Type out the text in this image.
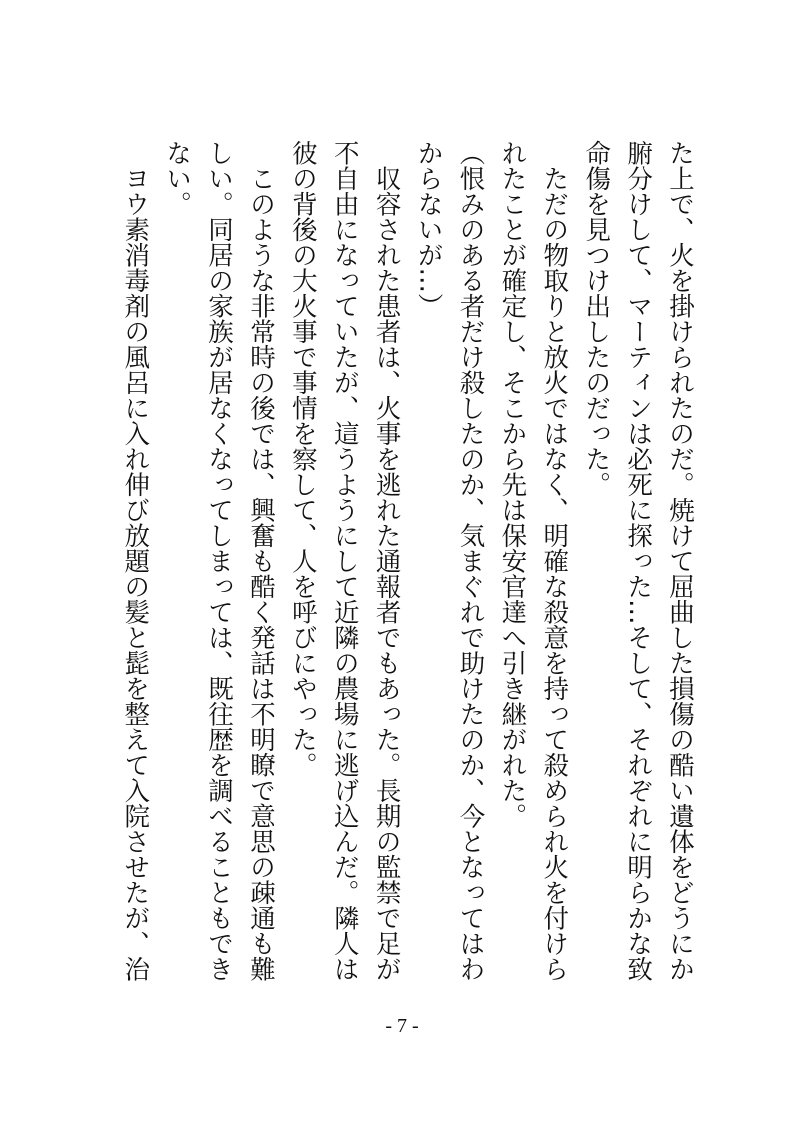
た上で、火を掛けられたのだ。焼けて屈曲した損傷の酷い遺体をどうにか
腑分けして、マーティンは必死に探った…そして、それぞれに明らかな致
命傷を見つけ出したのだった。
　ただの物取りと放火ではなく、明確な殺意を持って殺められ火を付けら
れたことが確定し、そこから先は保安官達へ引き継がれた。
（恨みのある者だけ殺したのか、気まぐれで助けたのか、今となってはわ
からないが…）
　収容された患者は、火事を逃れた通報者でもあった。長期の監禁で足が
不自由になっていたが、這うようにして近隣の農場に逃げ込んだ。隣人は
彼の背後の大火事で事情を察して、人を呼びにやった。
　このような非常時の後では、興奮も酷く発話は不明瞭で意思の疎通も難
しい。同居の家族が居なくなってしまっては、既往歴を調べることもでき
ない。
　ヨウ素消毒剤の風呂に入れ伸び放題の髪と髭を整えて入院させたが、治
- 7 -
